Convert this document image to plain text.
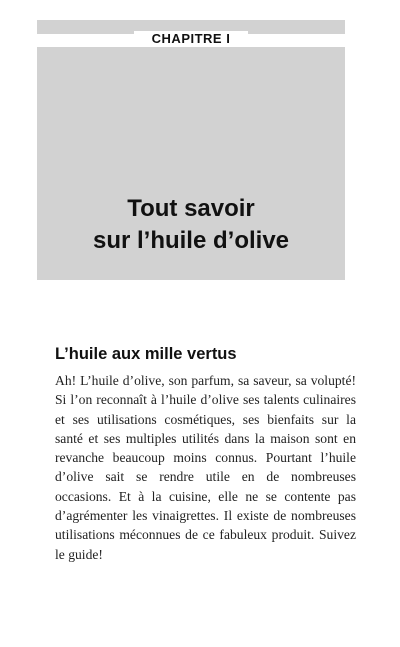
CHAPITRE I
Tout savoir
sur l’huile d’olive
L’huile aux mille vertus

Ah! L’huile d’olive, son parfum, sa saveur, sa volupté! Si l’on reconnaît à l’huile d’olive ses talents culinaires et ses utilisations cosmétiques, ses bienfaits sur la santé et ses multiples utilités dans la maison sont en revanche beaucoup moins connus. Pourtant l’huile d’olive sait se rendre utile en de nombreuses occasions. Et à la cuisine, elle ne se contente pas d’agrémenter les vinaigrettes. Il existe de nombreuses utilisations méconnues de ce fabuleux produit. Suivez le guide!
